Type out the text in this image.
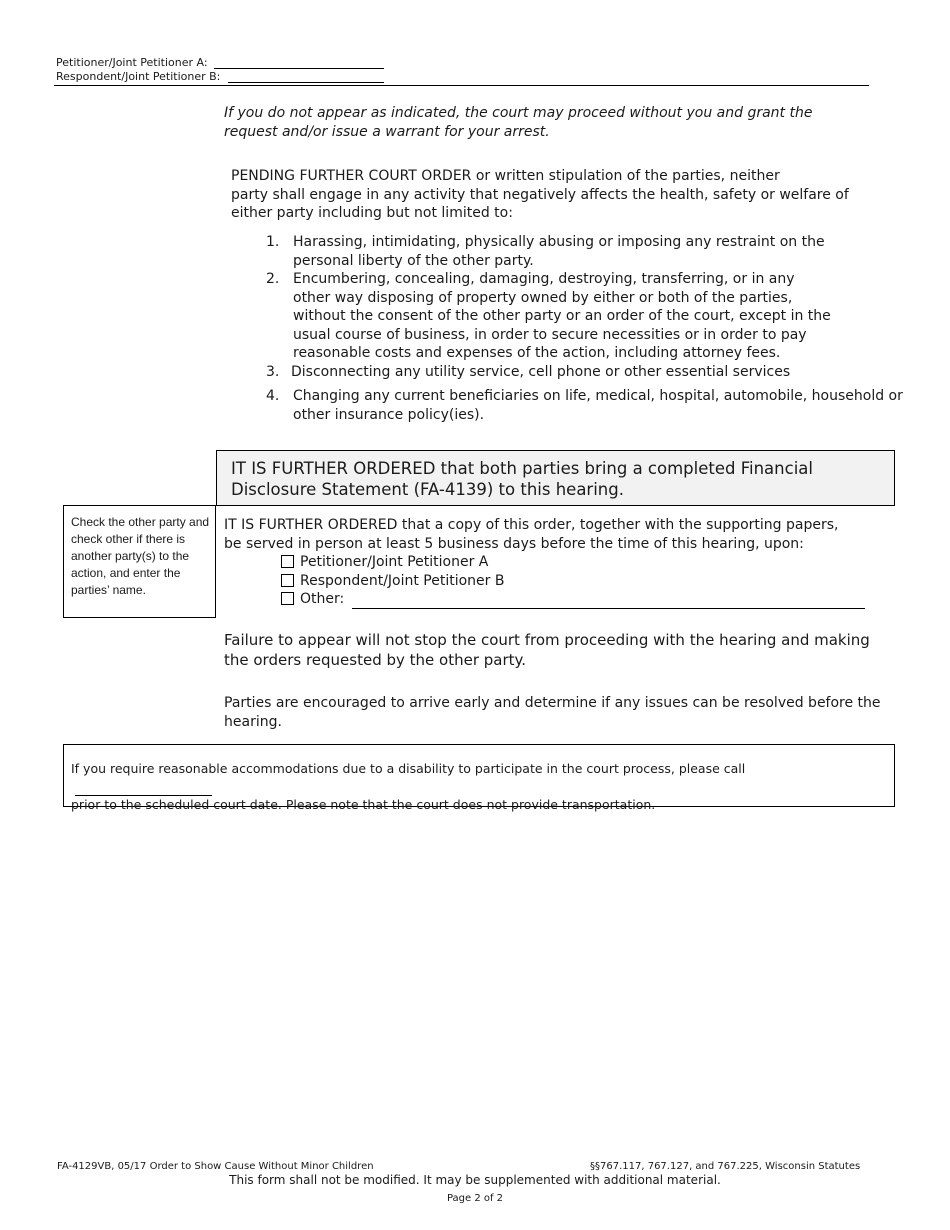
Petitioner/Joint Petitioner A:
Respondent/Joint Petitioner B:
If you do not appear as indicated, the court may proceed without you and grant the request and/or issue a warrant for your arrest.
PENDING FURTHER COURT ORDER or written stipulation of the parties, neither
party shall engage in any activity that negatively affects the health, safety or welfare of
either party including but not limited to:
1. Harassing, intimidating, physically abusing or imposing any restraint on the personal liberty of the other party.
2. Encumbering, concealing, damaging, destroying, transferring, or in any other way disposing of property owned by either or both of the parties, without the consent of the other party or an order of the court, except in the usual course of business, in order to secure necessities or in order to pay reasonable costs and expenses of the action, including attorney fees.
3. Disconnecting any utility service, cell phone or other essential services
4. Changing any current beneficiaries on life, medical, hospital, automobile, household or other insurance policy(ies).
IT IS FURTHER ORDERED that both parties bring a completed Financial
Disclosure Statement (FA-4139) to this hearing.
Check the other party and check other if there is another party(s) to the action, and enter the parties’ name.
IT IS FURTHER ORDERED that a copy of this order, together with the supporting papers,
be served in person at least 5 business days before the time of this hearing, upon:
Petitioner/Joint Petitioner A
Respondent/Joint Petitioner B
Other:
Failure to appear will not stop the court from proceeding with the hearing and making the orders requested by the other party.
Parties are encouraged to arrive early and determine if any issues can be resolved before the hearing.
If you require reasonable accommodations due to a disability to participate in the court process, please call
prior to the scheduled court date. Please note that the court does not provide transportation.
FA-4129VB, 05/17 Order to Show Cause Without Minor Children	§§767.117, 767.127, and 767.225, Wisconsin Statutes
This form shall not be modified. It may be supplemented with additional material.
Page 2 of 2
